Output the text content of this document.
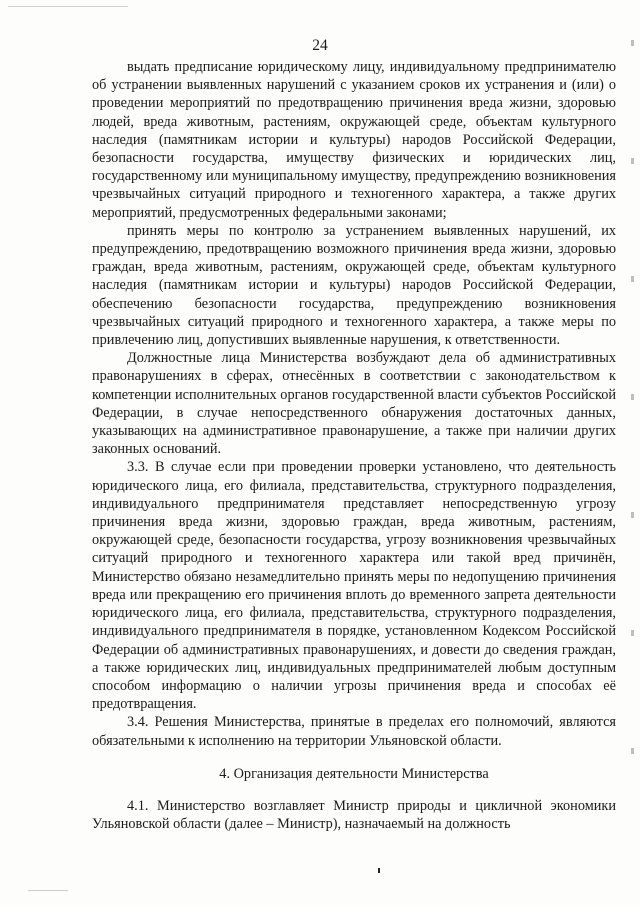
24

выдать предписание юридическому лицу, индивидуальному предпринимателю об устранении выявленных нарушений с указанием сроков их устранения и (или) о проведении мероприятий по предотвращению причинения вреда жизни, здоровью людей, вреда животным, растениям, окружающей среде, объектам культурного наследия (памятникам истории и культуры) народов Российской Федерации, безопасности государства, имуществу физических и юридических лиц, государственному или муниципальному имуществу, предупреждению возникновения чрезвычайных ситуаций природного и техногенного характера, а также других мероприятий, предусмотренных федеральными законами;

принять меры по контролю за устранением выявленных нарушений, их предупреждению, предотвращению возможного причинения вреда жизни, здоровью граждан, вреда животным, растениям, окружающей среде, объектам культурного наследия (памятникам истории и культуры) народов Российской Федерации, обеспечению безопасности государства, предупреждению возникновения чрезвычайных ситуаций природного и техногенного характера, а также меры по привлечению лиц, допустивших выявленные нарушения, к ответственности.

Должностные лица Министерства возбуждают дела об административных правонарушениях в сферах, отнесённых в соответствии с законодательством к компетенции исполнительных органов государственной власти субъектов Российской Федерации, в случае непосредственного обнаружения достаточных данных, указывающих на административное правонарушение, а также при наличии других законных оснований.

3.3. В случае если при проведении проверки установлено, что деятельность юридического лица, его филиала, представительства, структурного подразделения, индивидуального предпринимателя представляет непосредственную угрозу причинения вреда жизни, здоровью граждан, вреда животным, растениям, окружающей среде, безопасности государства, угрозу возникновения чрезвычайных ситуаций природного и техногенного характера или такой вред причинён, Министерство обязано незамедлительно принять меры по недопущению причинения вреда или прекращению его причинения вплоть до временного запрета деятельности юридического лица, его филиала, представительства, структурного подразделения, индивидуального предпринимателя в порядке, установленном Кодексом Российской Федерации об административных правонарушениях, и довести до сведения граждан, а также юридических лиц, индивидуальных предпринимателей любым доступным способом информацию о наличии угрозы причинения вреда и способах её предотвращения.

3.4. Решения Министерства, принятые в пределах его полномочий, являются обязательными к исполнению на территории Ульяновской области.

4. Организация деятельности Министерства

4.1. Министерство возглавляет Министр природы и цикличной экономики Ульяновской области (далее – Министр), назначаемый на должность
